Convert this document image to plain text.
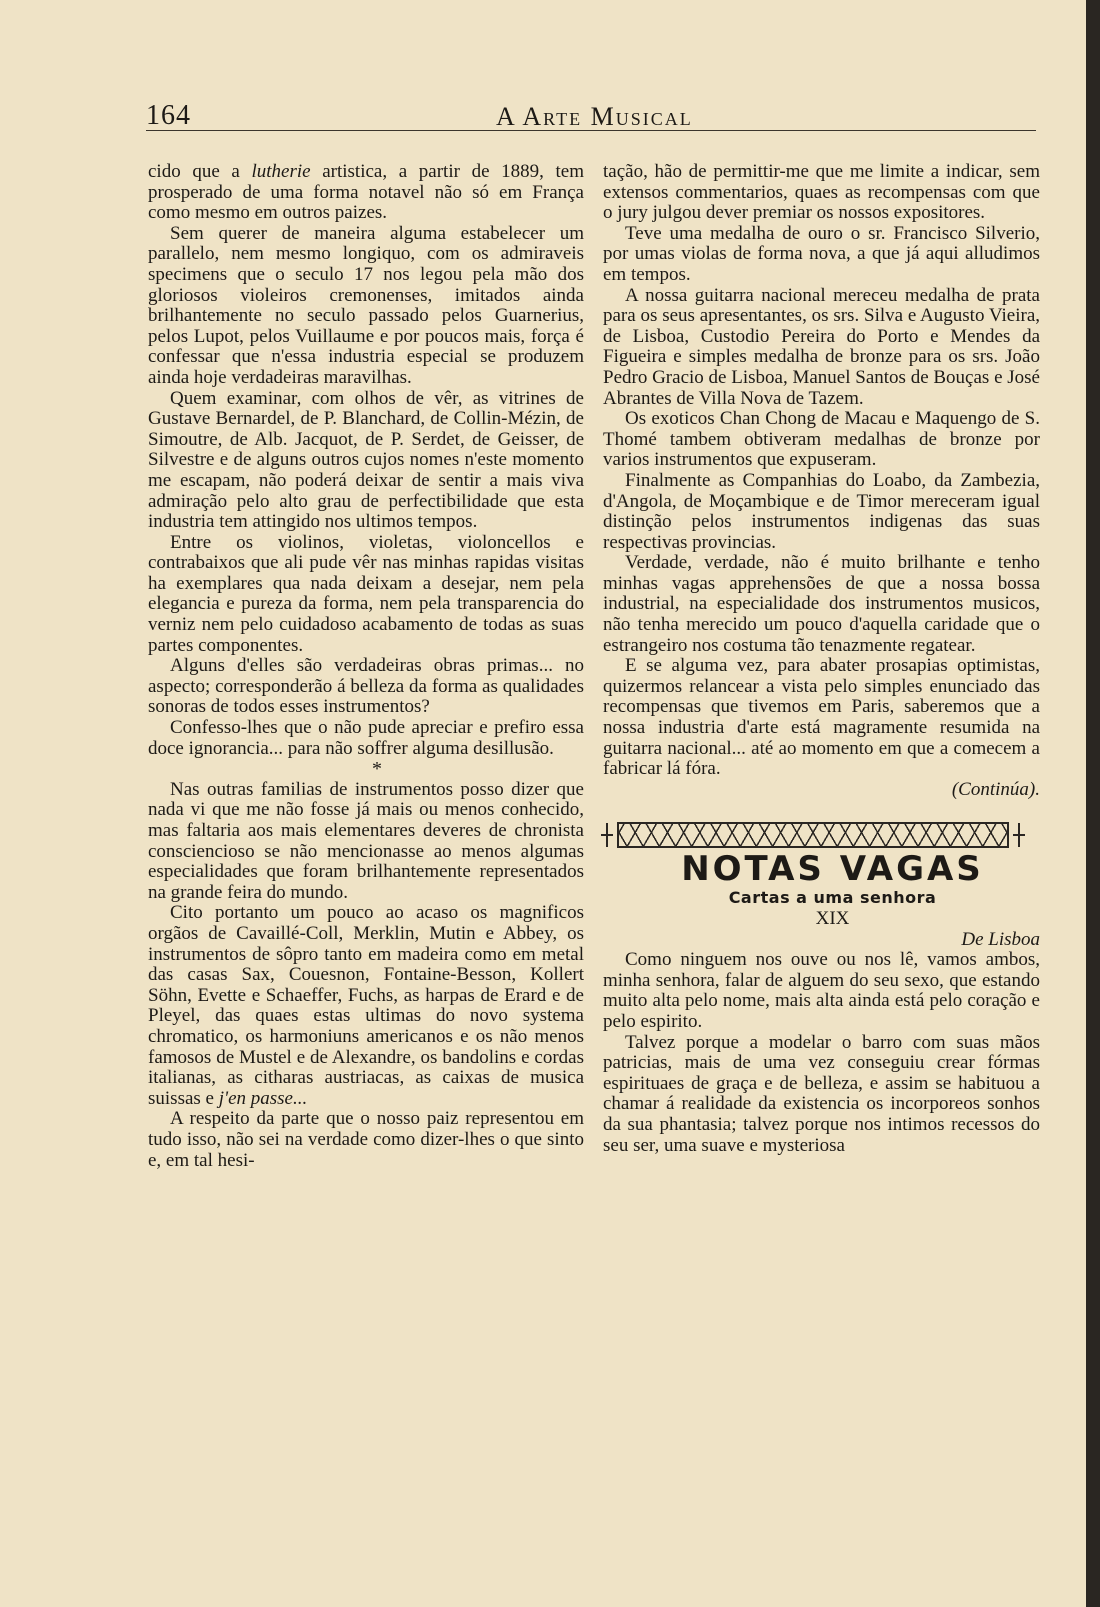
164	A Arte Musical

cido que a lutherie artistica, a partir de 1889, tem prosperado de uma forma notavel não só em França como mesmo em outros paizes.

Sem querer de maneira alguma estabelecer um parallelo, nem mesmo longiquo, com os admiraveis specimens que o seculo 17 nos legou pela mão dos gloriosos violeiros cremonenses, imitados ainda brilhantemente no seculo passado pelos Guarnerius, pelos Lupot, pelos Vuillaume e por poucos mais, força é confessar que n'essa industria especial se produzem ainda hoje verdadeiras maravilhas.

Quem examinar, com olhos de vêr, as vitrines de Gustave Bernardel, de P. Blanchard, de Collin-Mézin, de Simoutre, de Alb. Jacquot, de P. Serdet, de Geisser, de Silvestre e de alguns outros cujos nomes n'este momento me escapam, não poderá deixar de sentir a mais viva admiração pelo alto grau de perfectibilidade que esta industria tem attingido nos ultimos tempos.

Entre os violinos, violetas, violoncellos e contrabaixos que ali pude vêr nas minhas rapidas visitas ha exemplares qua nada deixam a desejar, nem pela elegancia e pureza da forma, nem pela transparencia do verniz nem pelo cuidadoso acabamento de todas as suas partes componentes.

Alguns d'elles são verdadeiras obras primas... no aspecto; corresponderão á belleza da forma as qualidades sonoras de todos esses instrumentos?

Confesso-lhes que o não pude apreciar e prefiro essa doce ignorancia... para não soffrer alguma desillusão.

*

Nas outras familias de instrumentos posso dizer que nada vi que me não fosse já mais ou menos conhecido, mas faltaria aos mais elementares deveres de chronista consciencioso se não mencionasse ao menos algumas especialidades que foram brilhantemente representados na grande feira do mundo.

Cito portanto um pouco ao acaso os magnificos orgãos de Cavaillé-Coll, Merklin, Mutin e Abbey, os instrumentos de sôpro tanto em madeira como em metal das casas Sax, Couesnon, Fontaine-Besson, Kollert Söhn, Evette e Schaeffer, Fuchs, as harpas de Erard e de Pleyel, das quaes estas ultimas do novo systema chromatico, os harmoniuns americanos e os não menos famosos de Mustel e de Alexandre, os bandolins e cordas italianas, as citharas austriacas, as caixas de musica suissas e j'en passe...

A respeito da parte que o nosso paiz representou em tudo isso, não sei na verdade como dizer-lhes o que sinto e, em tal hesi-

tação, hão de permittir-me que me limite a indicar, sem extensos commentarios, quaes as recompensas com que o jury julgou dever premiar os nossos expositores.

Teve uma medalha de ouro o sr. Francisco Silverio, por umas violas de forma nova, a que já aqui alludimos em tempos.

A nossa guitarra nacional mereceu medalha de prata para os seus apresentantes, os srs. Silva e Augusto Vieira, de Lisboa, Custodio Pereira do Porto e Mendes da Figueira e simples medalha de bronze para os srs. João Pedro Gracio de Lisboa, Manuel Santos de Bouças e José Abrantes de Villa Nova de Tazem.

Os exoticos Chan Chong de Macau e Maquengo de S. Thomé tambem obtiveram medalhas de bronze por varios instrumentos que expuseram.

Finalmente as Companhias do Loabo, da Zambezia, d'Angola, de Moçambique e de Timor mereceram igual distinção pelos instrumentos indigenas das suas respectivas provincias.

Verdade, verdade, não é muito brilhante e tenho minhas vagas apprehensões de que a nossa bossa industrial, na especialidade dos instrumentos musicos, não tenha merecido um pouco d'aquella caridade que o estrangeiro nos costuma tão tenazmente regatear.

E se alguma vez, para abater prosapias optimistas, quizermos relancear a vista pelo simples enunciado das recompensas que tivemos em Paris, saberemos que a nossa industria d'arte está magramente resumida na guitarra nacional... até ao momento em que a comecem a fabricar lá fóra.

(Continúa).

NOTAS VAGAS

Cartas a uma senhora

XIX

De Lisboa

Como ninguem nos ouve ou nos lê, vamos ambos, minha senhora, falar de alguem do seu sexo, que estando muito alta pelo nome, mais alta ainda está pelo coração e pelo espirito.

Talvez porque a modelar o barro com suas mãos patricias, mais de uma vez conseguiu crear fórmas espirituaes de graça e de belleza, e assim se habituou a chamar á realidade da existencia os incorporeos sonhos da sua phantasia; talvez porque nos intimos recessos do seu ser, uma suave e mysteriosa
